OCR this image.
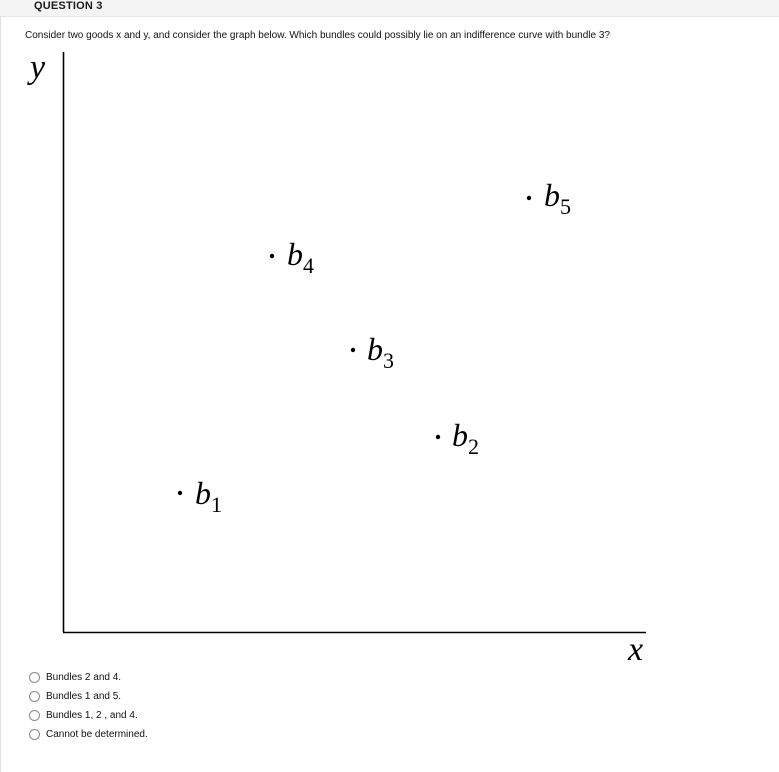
QUESTION 3
Consider two goods x and y, and consider the graph below. Which bundles could possibly lie on an indifference curve with bundle 3?
y
x
$b_1$
$b_2$
$b_3$
$b_4$
$b_5$
Bundles 2 and 4.
Bundles 1 and 5.
Bundles 1, 2 , and 4.
Cannot be determined.
